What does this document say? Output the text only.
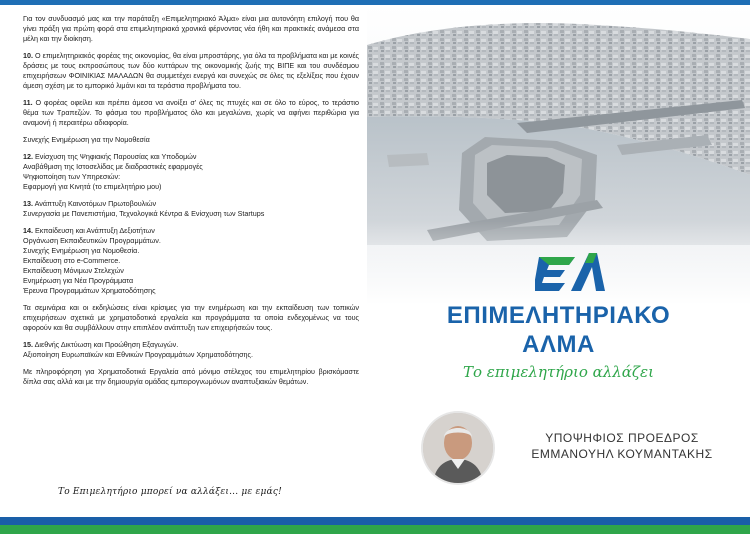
Για τον συνδυασμό μας και την παράταξη «Επιμελητηριακό Άλμα» είναι μια αυτονόητη επιλογή που θα γίνει πράξη για πρώτη φορά στα επιμελητηριακά χρονικά φέρνοντας νέα ήθη και πρακτικές ανάμεσα στα μέλη και την διοίκηση.

10. Ο επιμελητηριακός φορέας της οικονομίας, θα είναι μπροστάρης, για όλα τα προβλήματα και με κοινές δράσεις με τους εκπροσώπους των δύο κυττάρων της οικονομικής ζωής της ΒΙΠΕ και του συνδέσμου επιχειρήσεων ΦΟΙΝΙΚΙΑΣ ΜΑΛΑΔΩΝ θα συμμετέχει ενεργά και συνεχώς σε όλες τις εξελίξεις που έχουν άμεση σχέση με το εμπορικό λιμάνι και τα τεράστια προβλήματα του.

11. Ο φορέας οφείλει και πρέπει άμεσα να ανοίξει σ' όλες τις πτυχές και σε όλο το εύρος, το τεράστιο θέμα των Τραπεζών. Το φάσμα του προβλήματος όλο και μεγαλώνει, χωρίς να αφήνει περιθώρια για αναμονή ή περαιτέρω αδιαφορία.

Συνεχής Ενημέρωση για την Νομοθεσία

12. Ενίσχυση της Ψηφιακής Παρουσίας και Υποδομών
Αναβάθμιση της Ιστοσελίδας με διαδραστικές εφαρμογές
Ψηφιοποίηση των Υπηρεσιών:
Εφαρμογή για Κινητά (το επιμελητήριο μου)
13. Ανάπτυξη Καινοτόμων Πρωτοβουλιών
Συνεργασία με Πανεπιστήμια, Τεχνολογικά Κέντρα & Ενίσχυση των Startups
14. Εκπαίδευση και Ανάπτυξη Δεξιοτήτων
Οργάνωση Εκπαιδευτικών Προγραμμάτων.
Συνεχής Ενημέρωση για Νομοθεσία.
Εκπαίδευση στο e-Commerce.
Εκπαίδευση Μόνιμων Στελεχών
Ενημέρωση για Νέα Προγράμματα
Έρευνα Προγραμμάτων Χρηματοδότησης

Τα σεμινάρια και οι εκδηλώσεις είναι κρίσιμες για την ενημέρωση και την εκπαίδευση των τοπικών επιχειρήσεων σχετικά με χρηματοδοτικά εργαλεία και προγράμματα τα οποία ενδεχομένως να τους αφορούν και θα συμβάλλουν στην επιπλέον ανάπτυξη των επιχειρήσεών τους.

15. Διεθνής Δικτύωση και Προώθηση Εξαγωγών.
Αξιοποίηση Ευρωπαϊκών και Εθνικών Προγραμμάτων Χρηματοδότησης.

Με πληροφόρηση για Χρηματοδοτικά Εργαλεία από μόνιμο στέλεχος του επιμελητηρίου βρισκόμαστε δίπλα σας αλλά και με την δημιουργία ομάδας εμπειρογνωμόνων αναπτυξιακών θεμάτων.

Το Επιμελητήριο μπορεί να αλλάξει... με εμάς!
ΕΠΙΜΕΛΗΤΗΡΙΑΚΟ
ΑΛΜΑ
Το επιμελητήριο αλλάζει
ΥΠΟΨΗΦΙΟΣ ΠΡΟΕΔΡΟΣ
ΕΜΜΑΝΟΥΗΛ ΚΟΥΜΑΝΤΑΚΗΣ
